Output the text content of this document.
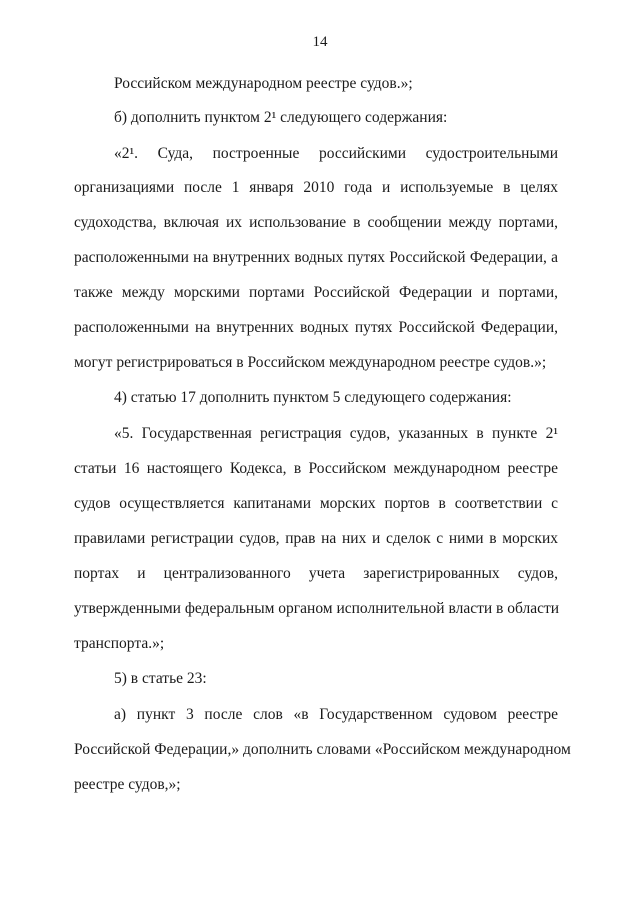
14
Российском международном реестре судов.»;
б) дополнить пунктом 2¹ следующего содержания:
«2¹. Суда, построенные российскими судостроительными
организациями после 1 января 2010 года и используемые в целях
судоходства, включая их использование в сообщении между портами,
расположенными на внутренних водных путях Российской Федерации, а
также между морскими портами Российской Федерации и портами,
расположенными на внутренних водных путях Российской Федерации,
могут регистрироваться в Российском международном реестре судов.»;
4) статью 17 дополнить пунктом 5 следующего содержания:
«5. Государственная регистрация судов, указанных в пункте 2¹
статьи 16 настоящего Кодекса, в Российском международном реестре
судов осуществляется капитанами морских портов в соответствии с
правилами регистрации судов, прав на них и сделок с ними в морских
портах и централизованного учета зарегистрированных судов,
утвержденными федеральным органом исполнительной власти в области
транспорта.»;
5) в статье 23:
а) пункт 3 после слов «в Государственном судовом реестре
Российской Федерации,» дополнить словами «Российском международном
реестре судов,»;
